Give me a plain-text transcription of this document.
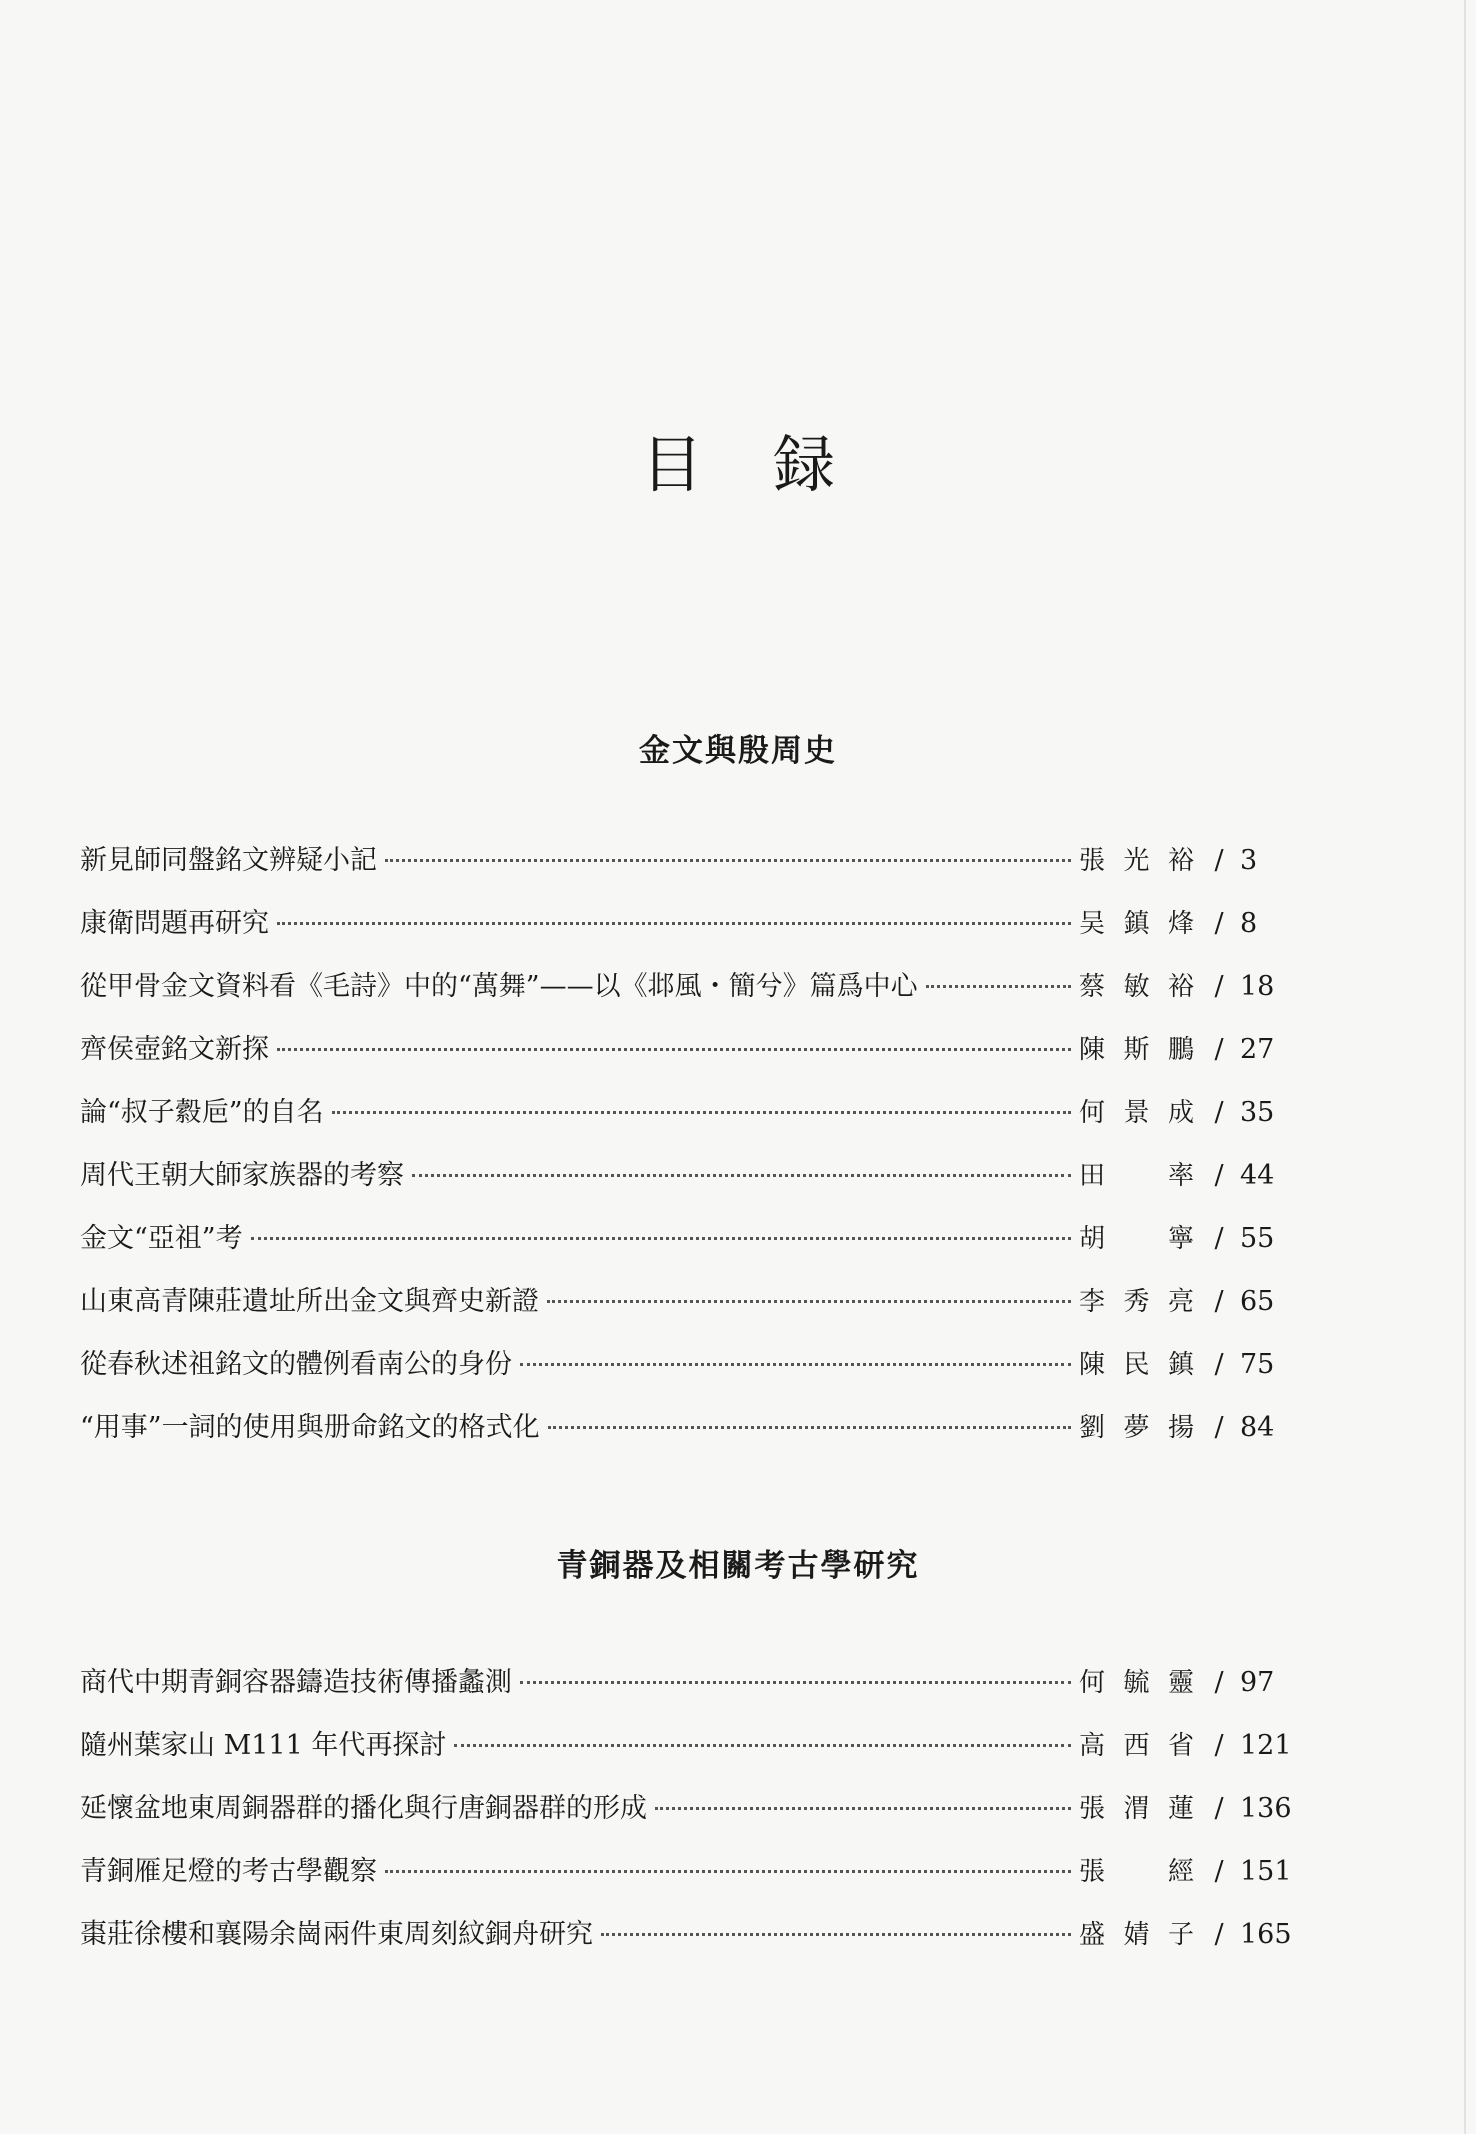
目録
金文與殷周史
新見師同盤銘文辨疑小記	張光裕 / 3
康衛問題再研究	吴鎮烽 / 8
從甲骨金文資料看《毛詩》中的“萬舞”——以《邶風・簡兮》篇爲中心	蔡敏裕 / 18
齊侯壺銘文新探	陳斯鵬 / 27
論“叔子縠巵”的自名	何景成 / 35
周代王朝大師家族器的考察	田率 / 44
金文“亞祖”考	胡寧 / 55
山東高青陳莊遺址所出金文與齊史新證	李秀亮 / 65
從春秋述祖銘文的體例看南公的身份	陳民鎮 / 75
“用事”一詞的使用與册命銘文的格式化	劉夢揚 / 84
青銅器及相關考古學研究
商代中期青銅容器鑄造技術傳播蠡測	何毓靈 / 97
隨州葉家山 M111 年代再探討	高西省 / 121
延懷盆地東周銅器群的播化與行唐銅器群的形成	張渭蓮 / 136
青銅雁足燈的考古學觀察	張經 / 151
棗莊徐樓和襄陽余崗兩件東周刻紋銅舟研究	盛婧子 / 165
